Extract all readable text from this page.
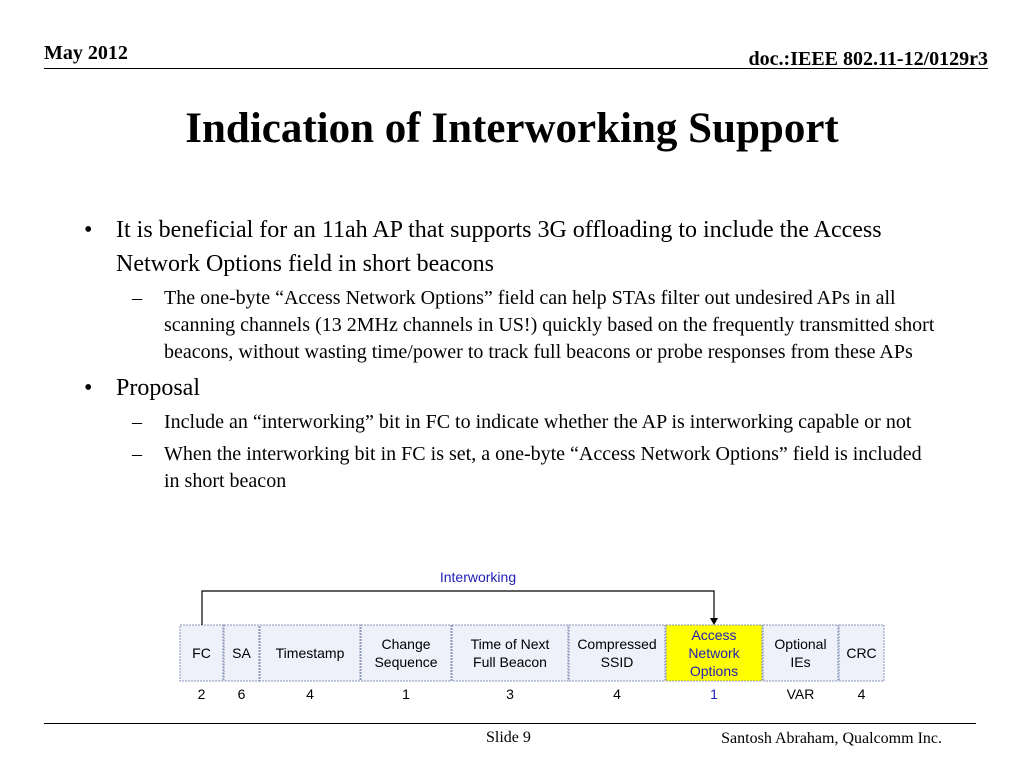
May 2012	doc.:IEEE 802.11-12/0129r3
Indication of Interworking Support
• It is beneficial for an 11ah AP that supports 3G offloading to include the Access Network Options field in short beacons
– The one-byte “Access Network Options” field can help STAs filter out undesired APs in all scanning channels (13 2MHz channels in US!) quickly based on the frequently transmitted short beacons, without wasting time/power to track full beacons or probe responses from these APs
• Proposal
– Include an “interworking” bit in FC to indicate whether the AP is interworking capable or not
– When the interworking bit in FC is set, a one-byte “Access Network Options” field is included in short beacon
FC
2
SA
6
Timestamp
4
Change
Sequence
1
Time of Next
Full Beacon
3
Compressed
SSID
4
Access
Network
Options
1
Optional
IEs
VAR
CRC
4
Interworking
Slide 9	Santosh Abraham, Qualcomm Inc.
